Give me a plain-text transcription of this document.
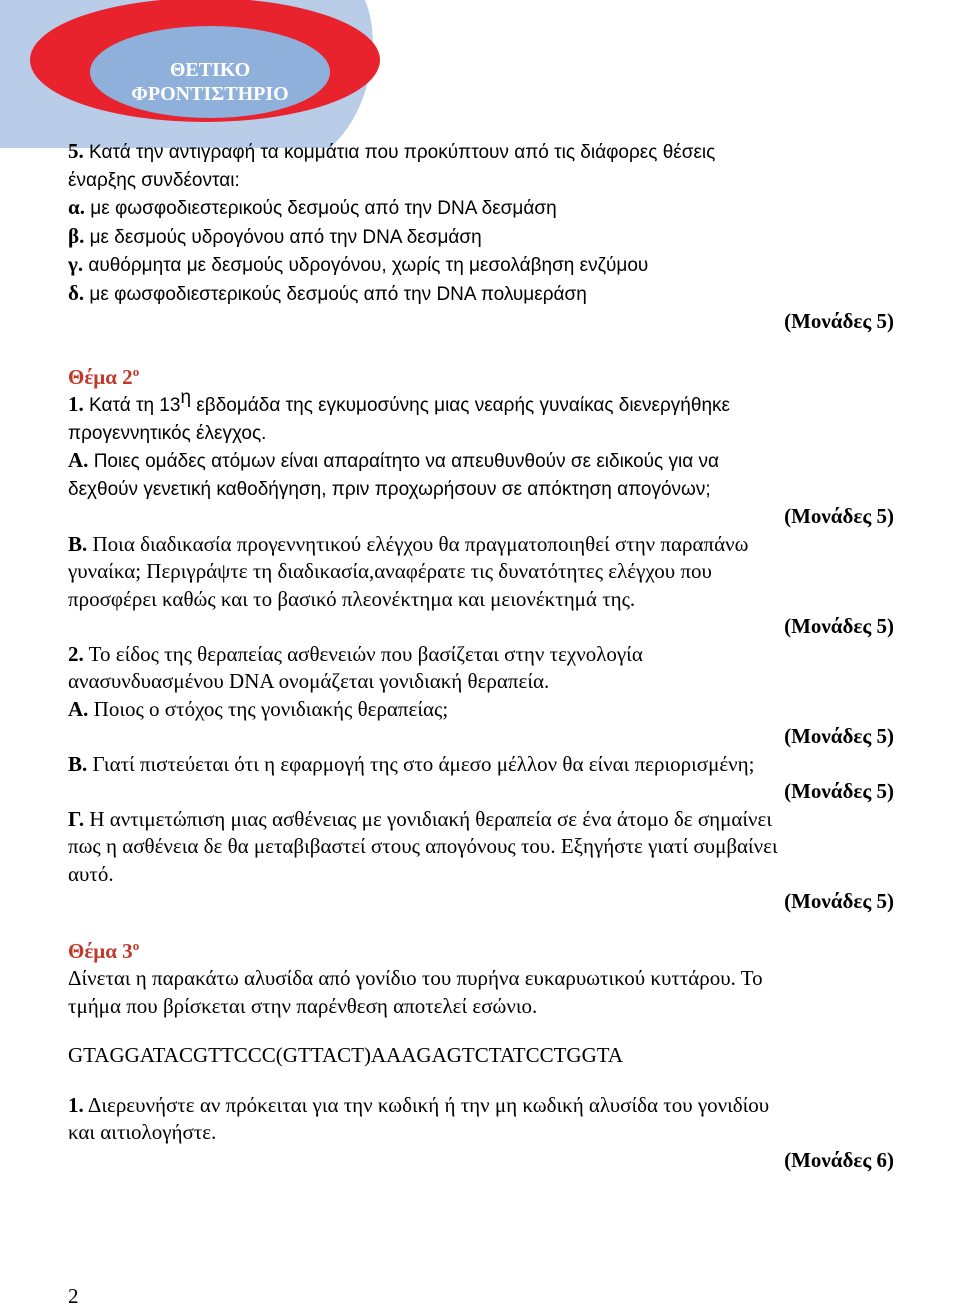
ΘΕΤΙΚΟ
ΦΡΟΝΤΙΣΤΗΡΙΟ

5. Κατά την αντιγραφή τα κομμάτια που προκύπτουν από τις διάφορες θέσεις

έναρξης συνδέονται:

α. με φωσφοδιεστερικούς δεσμούς από την DNA δεσμάση

β. με δεσμούς υδρογόνου από την DNA δεσμάση

γ. αυθόρμητα με δεσμούς υδρογόνου, χωρίς τη μεσολάβηση ενζύμου

δ. με φωσφοδιεστερικούς δεσμούς από την DNA πολυμεράση

(Μονάδες 5)

Θέμα $2^o$

1. Κατά τη $13^\eta$ εβδομάδα της εγκυμοσύνης μιας νεαρής γυναίκας διενεργήθηκε

προγεννητικός έλεγχος.

Α. Ποιες ομάδες ατόμων είναι απαραίτητο να απευθυνθούν σε ειδικούς για να

δεχθούν γενετική καθοδήγηση, πριν προχωρήσουν σε απόκτηση απογόνων;

(Μονάδες 5)

Β. Ποια διαδικασία προγεννητικού ελέγχου θα πραγματοποιηθεί στην παραπάνω

γυναίκα; Περιγράψτε τη διαδικασία,αναφέρατε τις δυνατότητες ελέγχου που

προσφέρει καθώς και το βασικό πλεονέκτημα και μειονέκτημά της.

(Μονάδες 5)

2. Το είδος της θεραπείας ασθενειών που βασίζεται στην τεχνολογία

ανασυνδυασμένου DNA ονομάζεται γονιδιακή θεραπεία.

Α. Ποιος ο στόχος της γονιδιακής θεραπείας;

(Μονάδες 5)

Β. Γιατί πιστεύεται ότι η εφαρμογή της στο άμεσο μέλλον θα είναι περιορισμένη;

(Μονάδες 5)

Γ. Η αντιμετώπιση μιας ασθένειας με γονιδιακή θεραπεία σε ένα άτομο δε σημαίνει

πως η ασθένεια δε θα μεταβιβαστεί στους απογόνους του. Εξηγήστε γιατί συμβαίνει

αυτό.

(Μονάδες 5)

Θέμα $3^o$

Δίνεται η παρακάτω αλυσίδα από γονίδιο του πυρήνα ευκαρυωτικού κυττάρου. Το

τμήμα που βρίσκεται στην παρένθεση αποτελεί εσώνιο.

GTAGGATACGTTCCC(GTTACT)AAAGAGTCTATCCTGGTA

1. Διερευνήστε αν πρόκειται για την κωδική ή την μη κωδική αλυσίδα του γονιδίου

και αιτιολογήστε.

(Μονάδες 6)

2
